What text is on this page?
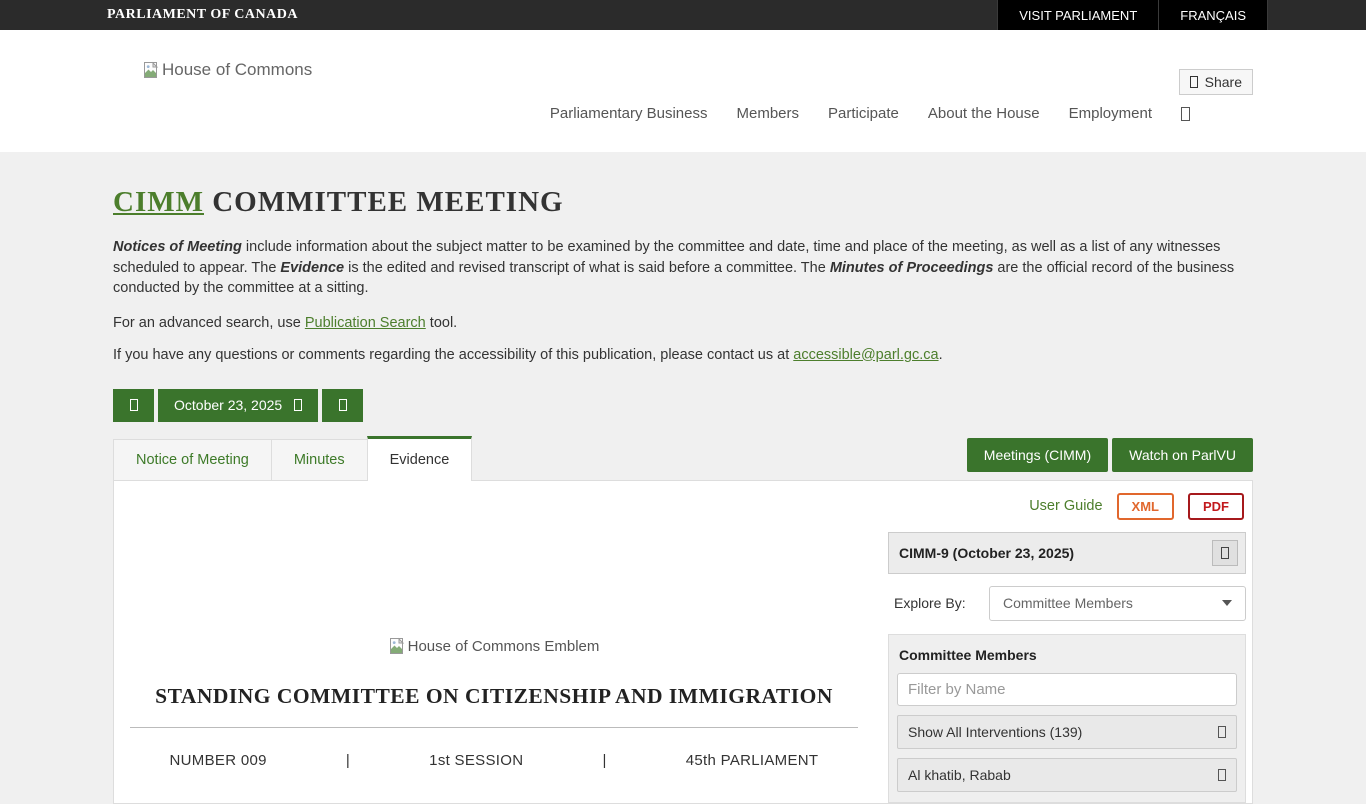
PARLIAMENT OF CANADA	VISIT PARLIAMENT	FRANÇAIS
House of Commons
Share
Parliamentary Business Members Participate About the House Employment
CIMM COMMITTEE MEETING

Notices of Meeting include information about the subject matter to be examined by the committee and date, time and place of the meeting, as well as a list of any witnesses scheduled to appear. The Evidence is the edited and revised transcript of what is said before a committee. The Minutes of Proceedings are the official record of the business conducted by the committee at a sitting.

For an advanced search, use Publication Search tool.

If you have any questions or comments regarding the accessibility of this publication, please contact us at accessible@parl.gc.ca.

October 23, 2025
Notice of Meeting	Minutes	Evidence	Meetings (CIMM)	Watch on ParlVU
User Guide	XML	PDF
House of Commons Emblem
STANDING COMMITTEE ON CITIZENSHIP AND IMMIGRATION
NUMBER 009	|	1st SESSION	|	45th PARLIAMENT
CIMM-9 (October 23, 2025)
Explore By:	Committee Members
Committee Members
Filter by Name
Show All Interventions (139)
Al khatib, Rabab
